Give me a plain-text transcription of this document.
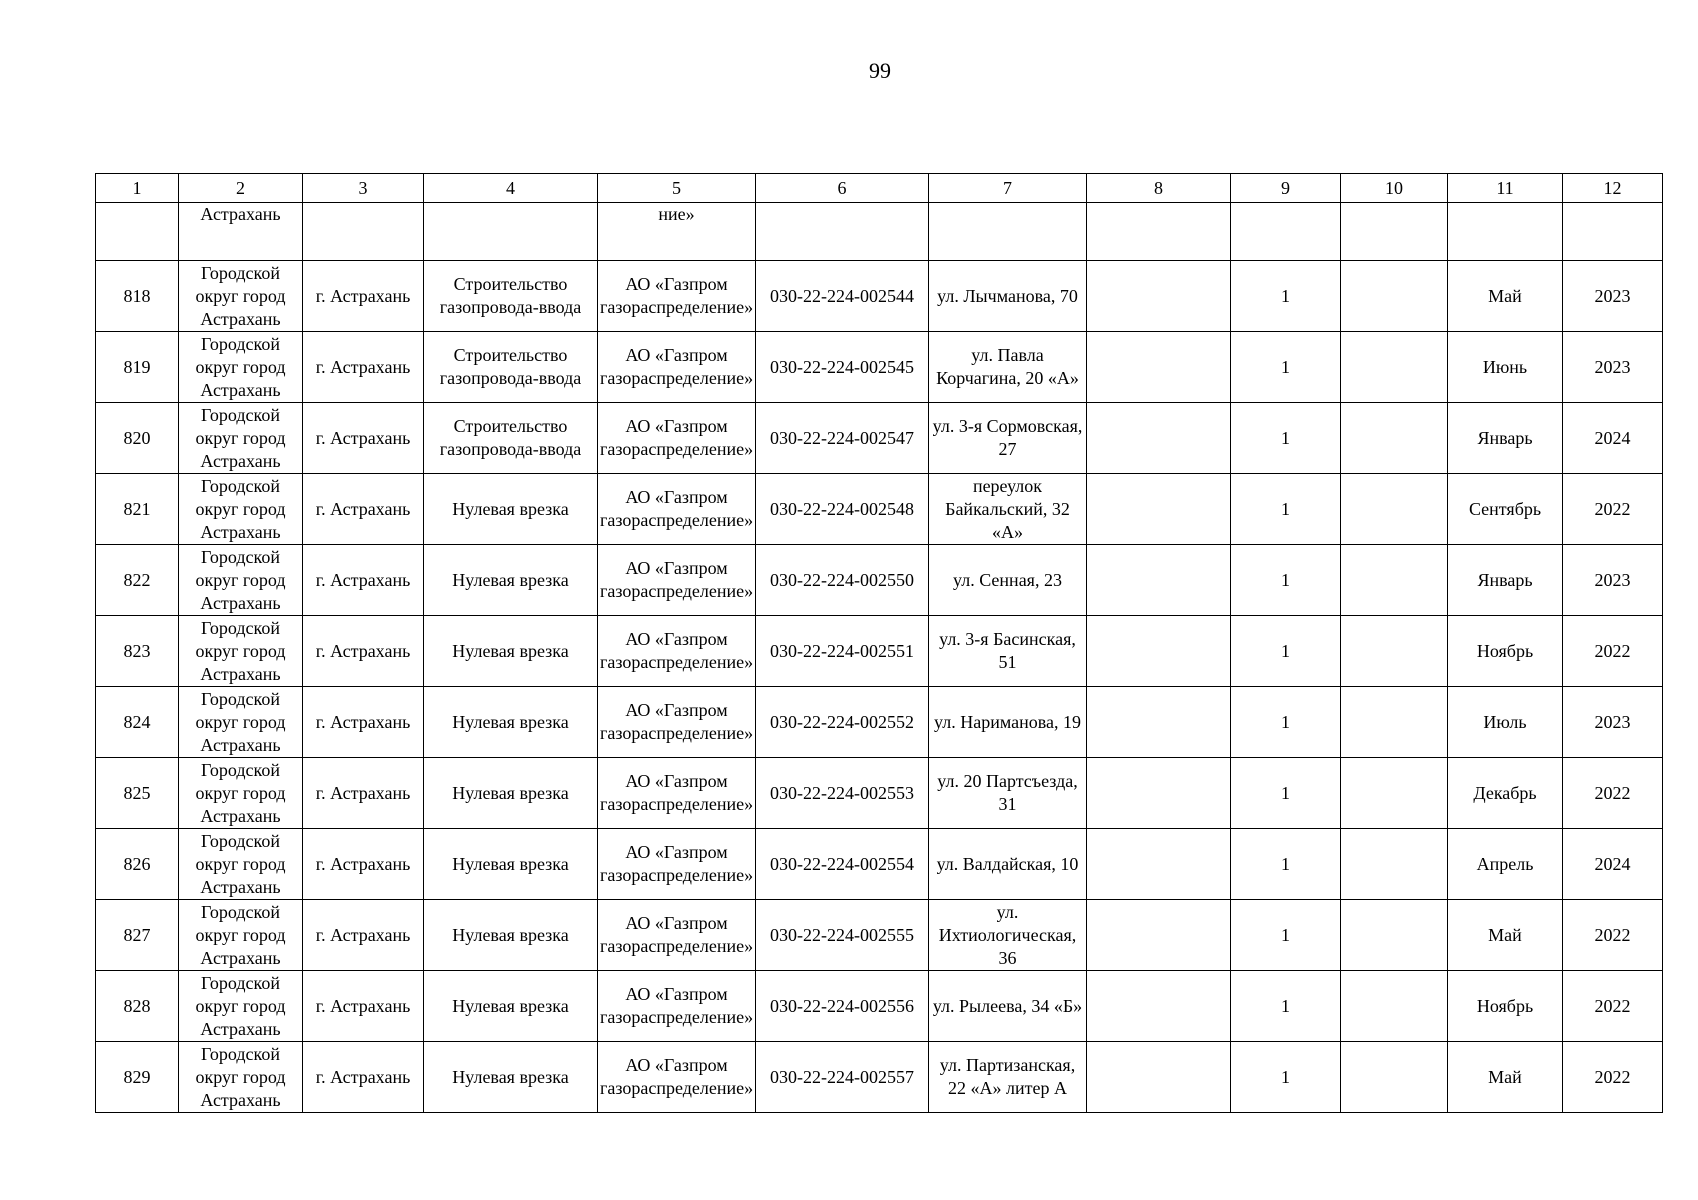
99
1	2	3	4	5	6	7	8	9	10	11	12
	Астрахань			ние»							
818	Городской округ город Астрахань	г. Астрахань	Строительство газопровода-ввода	АО «Газпром газораспределение»	030-22-224-002544	ул. Лычманова, 70		1		Май	2023
819	Городской округ город Астрахань	г. Астрахань	Строительство газопровода-ввода	АО «Газпром газораспределение»	030-22-224-002545	ул. Павла Корчагина, 20 «А»		1		Июнь	2023
820	Городской округ город Астрахань	г. Астрахань	Строительство газопровода-ввода	АО «Газпром газораспределение»	030-22-224-002547	ул. 3-я Сормовская, 27		1		Январь	2024
821	Городской округ город Астрахань	г. Астрахань	Нулевая врезка	АО «Газпром газораспределение»	030-22-224-002548	переулок Байкальский, 32 «А»		1		Сентябрь	2022
822	Городской округ город Астрахань	г. Астрахань	Нулевая врезка	АО «Газпром газораспределение»	030-22-224-002550	ул. Сенная, 23		1		Январь	2023
823	Городской округ город Астрахань	г. Астрахань	Нулевая врезка	АО «Газпром газораспределение»	030-22-224-002551	ул. 3-я Басинская, 51		1		Ноябрь	2022
824	Городской округ город Астрахань	г. Астрахань	Нулевая врезка	АО «Газпром газораспределение»	030-22-224-002552	ул. Нариманова, 19		1		Июль	2023
825	Городской округ город Астрахань	г. Астрахань	Нулевая врезка	АО «Газпром газораспределение»	030-22-224-002553	ул. 20 Партсъезда, 31		1		Декабрь	2022
826	Городской округ город Астрахань	г. Астрахань	Нулевая врезка	АО «Газпром газораспределение»	030-22-224-002554	ул. Валдайская, 10		1		Апрель	2024
827	Городской округ город Астрахань	г. Астрахань	Нулевая врезка	АО «Газпром газораспределение»	030-22-224-002555	ул. Ихтиологическая, 36		1		Май	2022
828	Городской округ город Астрахань	г. Астрахань	Нулевая врезка	АО «Газпром газораспределение»	030-22-224-002556	ул. Рылеева, 34 «Б»		1		Ноябрь	2022
829	Городской округ город Астрахань	г. Астрахань	Нулевая врезка	АО «Газпром газораспределение»	030-22-224-002557	ул. Партизанская, 22 «А» литер А		1		Май	2022
